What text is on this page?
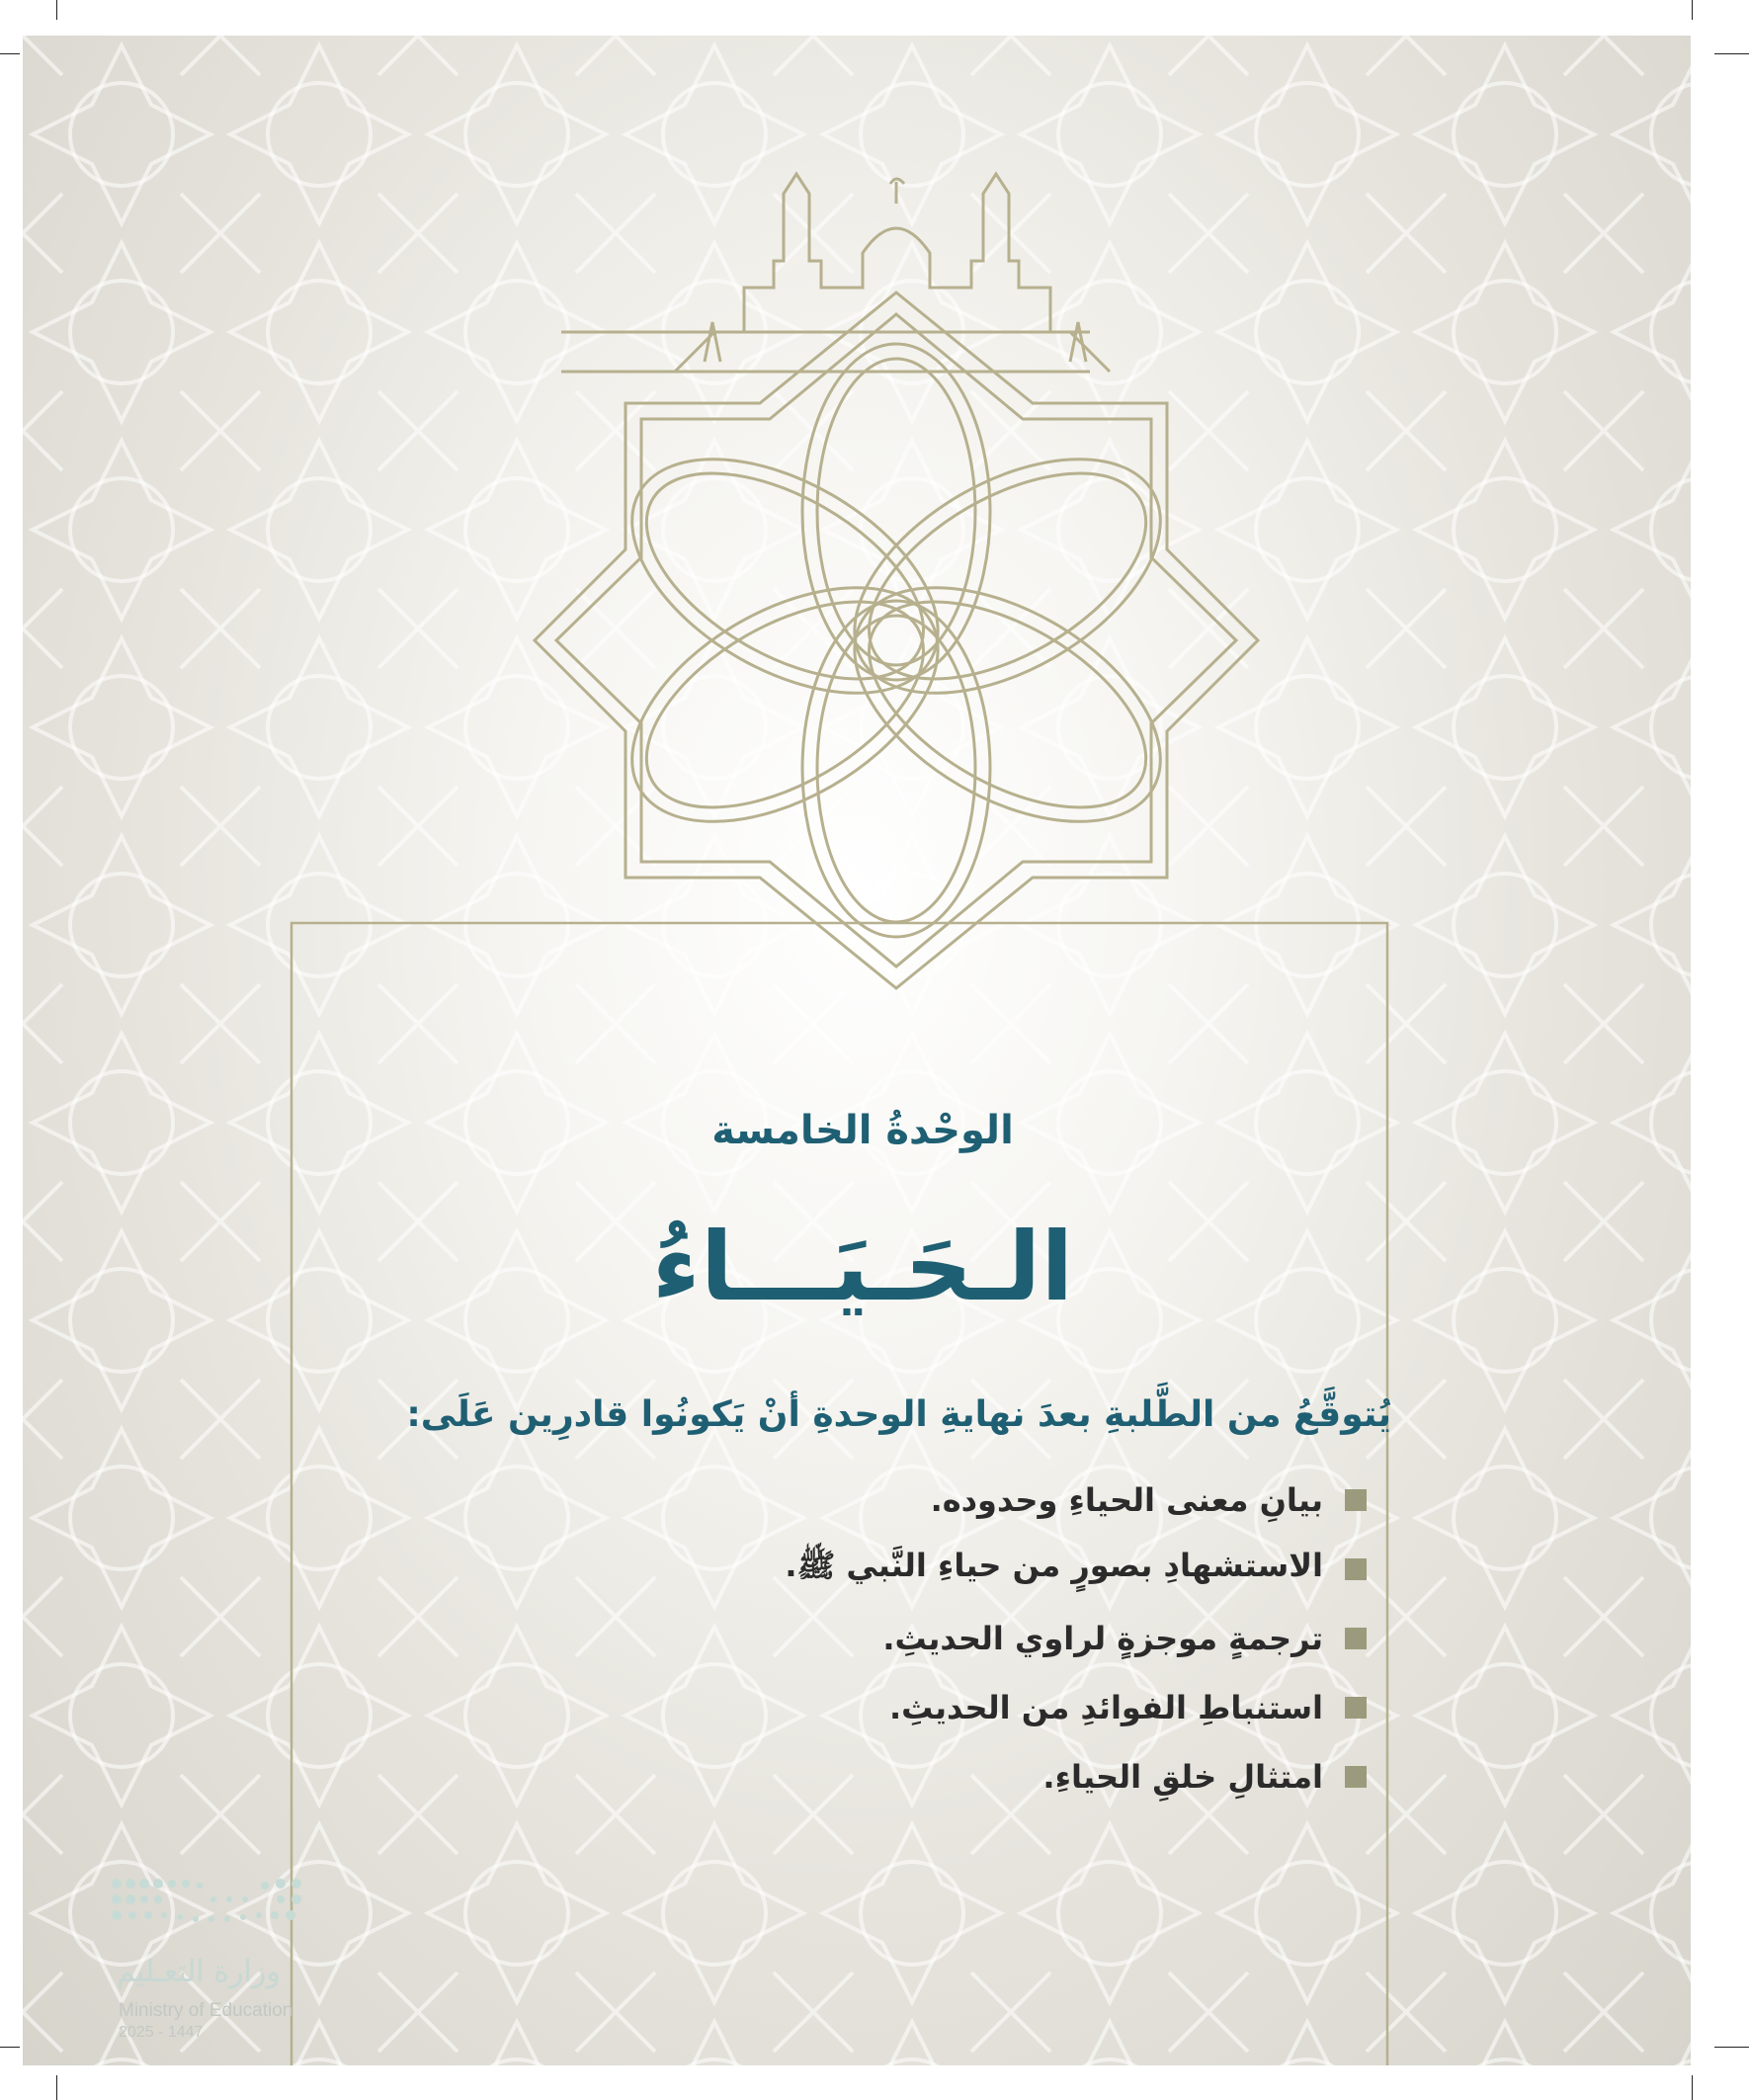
الوحْدةُ الخامسة
الـحَـيَـــاءُ
يُتوقَّعُ من الطَّلبةِ بعدَ نهايةِ الوحدةِ أنْ يَكونُوا قادرِين عَلَى:
بيانِ معنى الحياءِ وحدوده.
الاستشهادِ بصورٍ من حياءِ النَّبي ﷺ.
ترجمةٍ موجزةٍ لراوي الحديثِ.
استنباطِ الفوائدِ من الحديثِ.
امتثالِ خلقِ الحياءِ.
وزارة التعـليم
Ministry of Education
2025 - 1447
